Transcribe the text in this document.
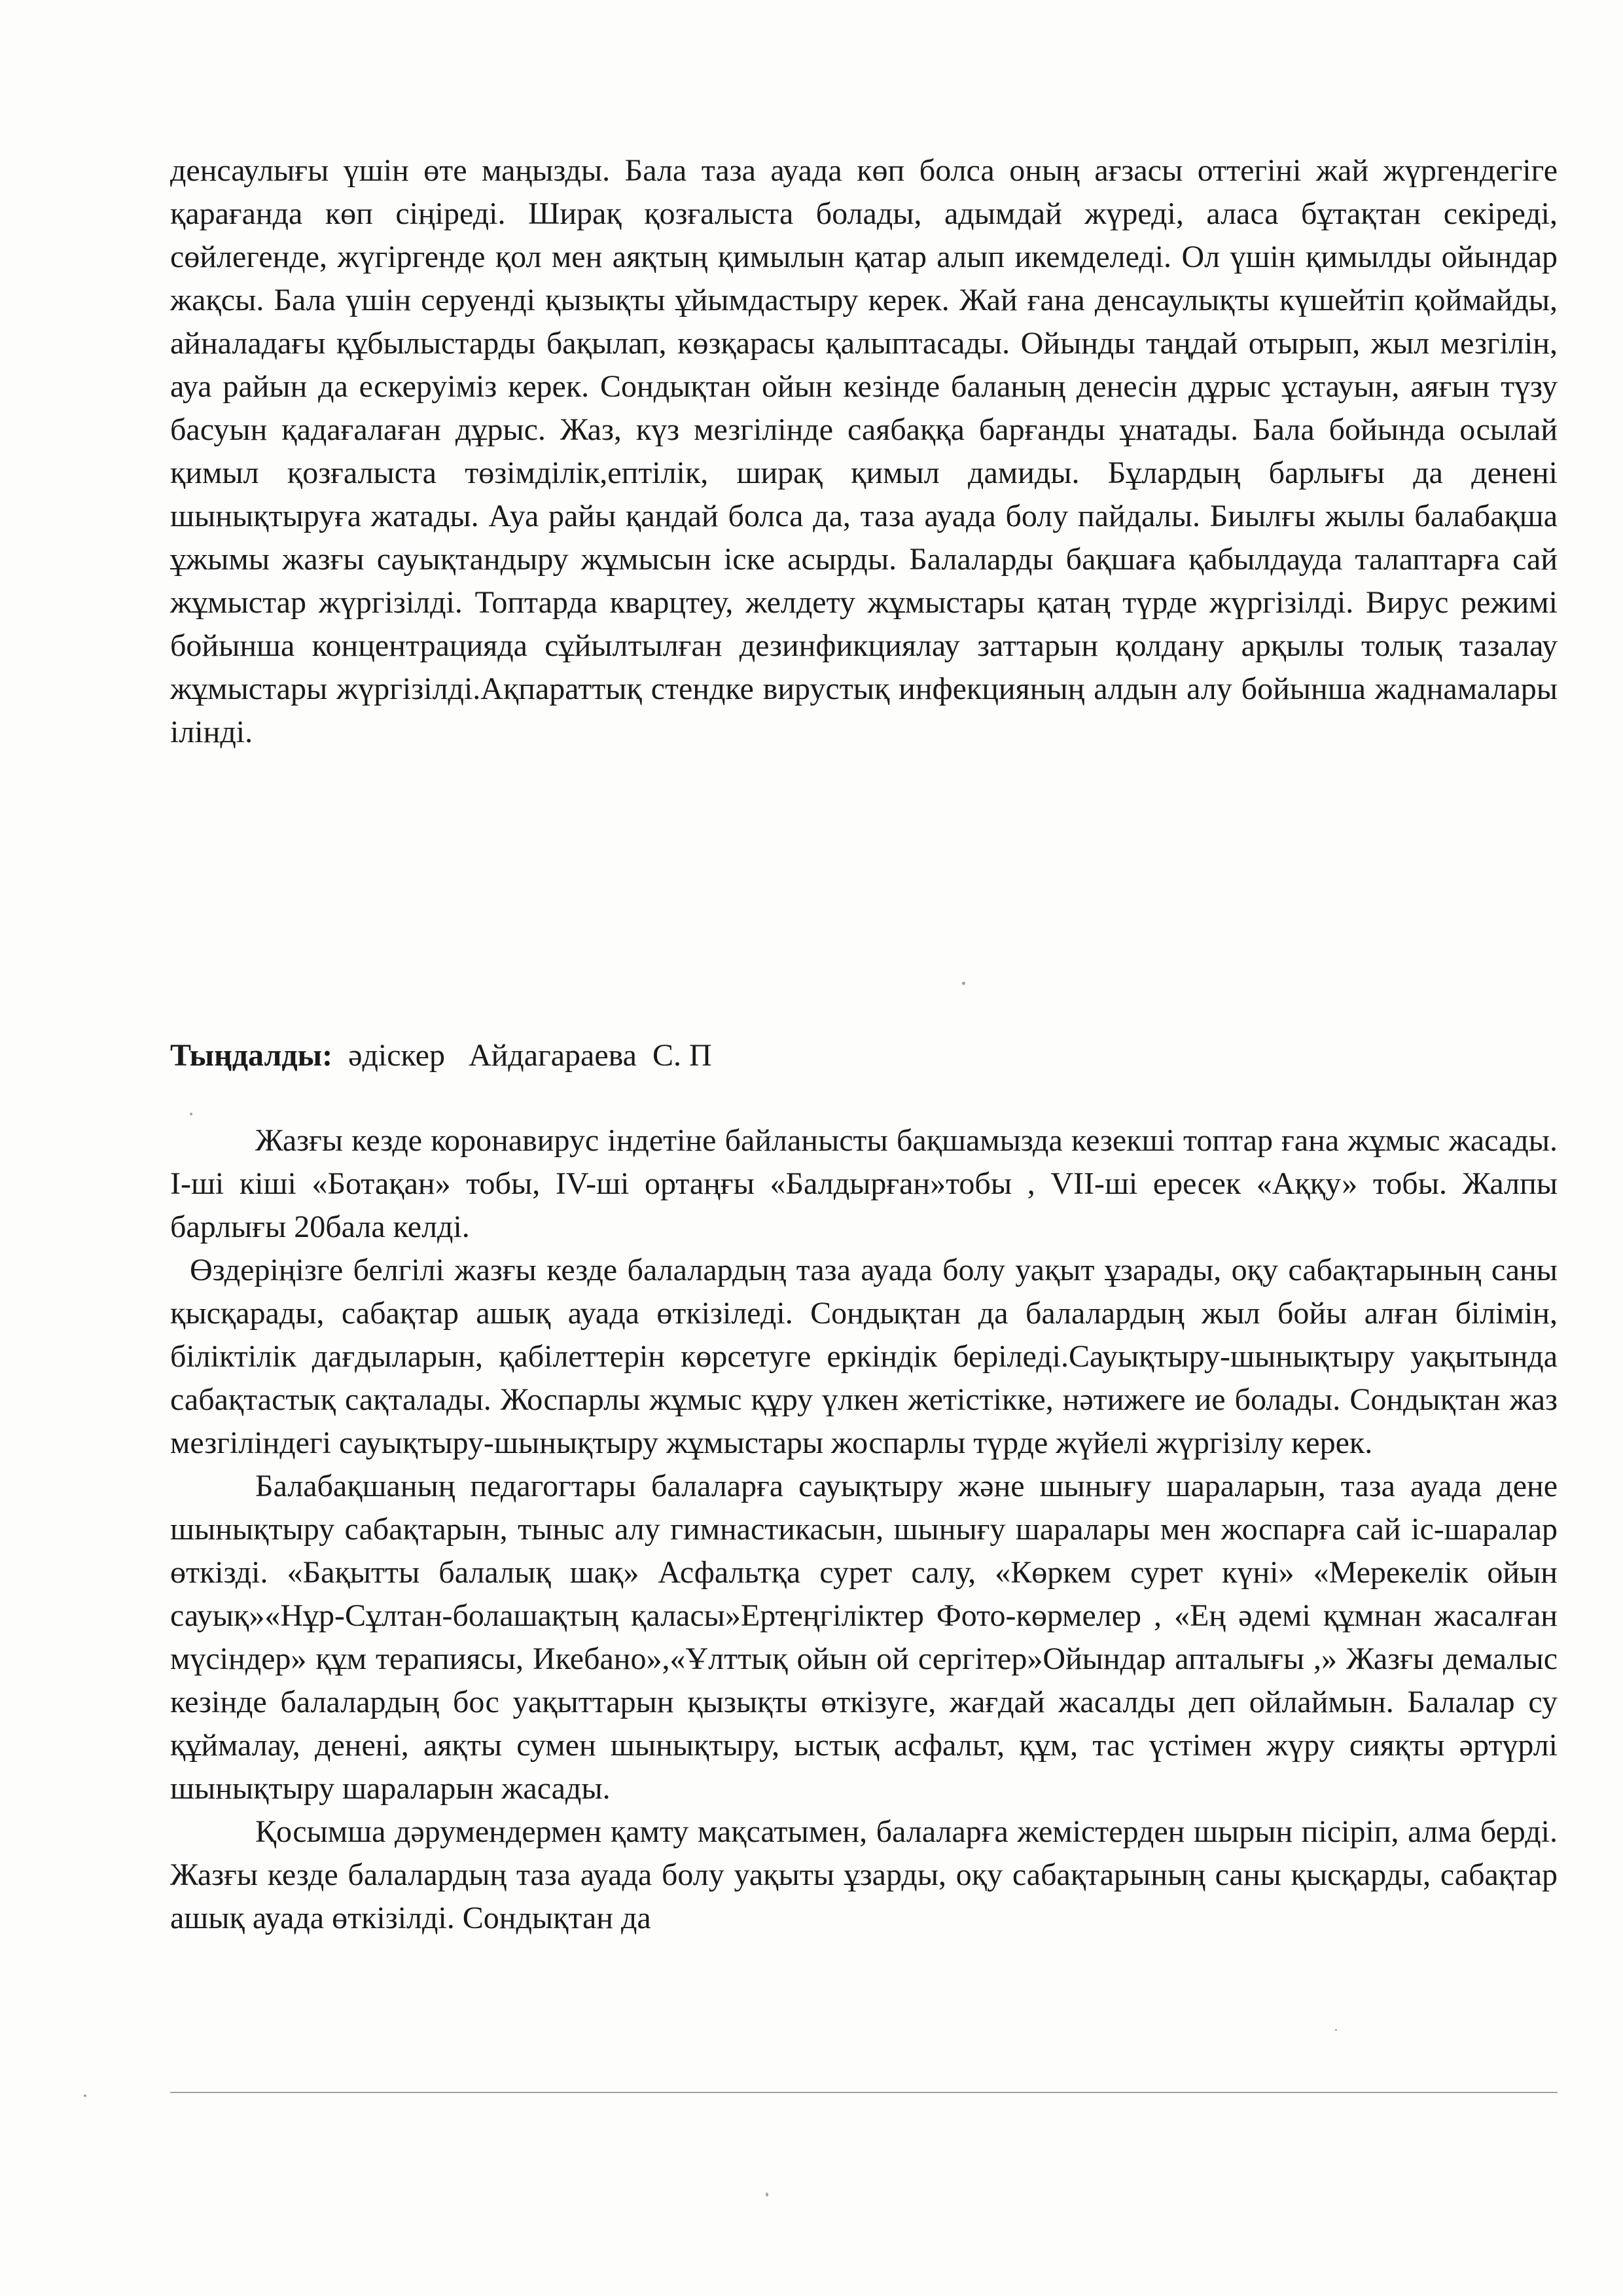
денсаулығы үшін өте маңызды. Бала таза ауада көп болса оның ағзасы оттегіні жай жүргендегіге қарағанда көп сіңіреді. Ширақ қозғалыста болады, адымдай жүреді, аласа бұтақтан секіреді, сөйлегенде, жүгіргенде қол мен аяқтың қимылын қатар алып икемделеді. Ол үшін қимылды ойындар жақсы. Бала үшін серуенді қызықты ұйымдастыру керек. Жай ғана денсаулықты күшейтіп қоймайды, айналадағы құбылыстарды бақылап, көзқарасы қалыптасады. Ойынды таңдай отырып, жыл мезгілін, ауа райын да ескеруіміз керек. Сондықтан ойын кезінде баланың денесін дұрыс ұстауын, аяғын түзу басуын қадағалаған дұрыс. Жаз, күз мезгілінде саябаққа барғанды ұнатады. Бала бойында осылай қимыл қозғалыста төзімділік,ептілік, ширақ қимыл дамиды. Бұлардың барлығы да денені шынықтыруға жатады. Ауа райы қандай болса да, таза ауада болу пайдалы. Биылғы жылы балабақша ұжымы жазғы сауықтандыру жұмысын іске асырды. Балаларды бақшаға қабылдауда талаптарға сай жұмыстар жүргізілді. Топтарда кварцтеу, желдету жұмыстары қатаң түрде жүргізілді. Вирус режимі бойынша концентрацияда сұйылтылған дезинфикциялау заттарын қолдану арқылы толық тазалау жұмыстары жүргізілді.Ақпараттық стендке вирустық инфекцияның алдын алу бойынша жаднамалары ілінді.

Тыңдалды:  әдіскер   Айдагараева  С. П

Жазғы кезде коронавирус індетіне байланысты бақшамызда кезекші топтар ғана жұмыс жасады. I-ші кіші «Ботақан» тобы, IV-ші ортаңғы «Балдырған»тобы , VII-ші ересек «Аққу» тобы. Жалпы барлығы 20бала келді.

Өздеріңізге белгілі жазғы кезде балалардың таза ауада болу уақыт ұзарады, оқу сабақтарының саны қысқарады, сабақтар ашық ауада өткізіледі. Сондықтан да балалардың жыл бойы алған білімін, біліктілік дағдыларын, қабілеттерін көрсетуге еркіндік беріледі.Сауықтыру-шынықтыру уақытында сабақтастық сақталады. Жоспарлы жұмыс құру үлкен жетістікке, нәтижеге ие болады. Сондықтан жаз мезгіліндегі сауықтыру-шынықтыру жұмыстары жоспарлы түрде жүйелі жүргізілу керек.

Балабақшаның педагогтары балаларға сауықтыру және шынығу шараларын, таза ауада дене шынықтыру сабақтарын, тыныс алу гимнастикасын, шынығу шаралары мен жоспарға сай іс-шаралар өткізді. «Бақытты балалық шақ» Асфальтқа сурет салу, «Көркем сурет күні» «Мерекелік ойын сауық»«Нұр-Сұлтан-болашақтың қаласы»Ертеңгіліктер Фото-көрмелер , «Ең әдемі құмнан жасалған мүсіндер» құм терапиясы, Икебано»,«Ұлттық ойын ой сергітер»Ойындар апталығы ,» Жазғы демалыс кезінде балалардың бос уақыттарын қызықты өткізуге, жағдай жасалды деп ойлаймын. Балалар су құймалау, денені, аяқты сумен шынықтыру, ыстық асфальт, құм, тас үстімен жүру сияқты әртүрлі шынықтыру шараларын жасады.

Қосымша дәрумендермен қамту мақсатымен, балаларға жемістерден шырын пісіріп, алма берді. Жазғы кезде балалардың таза ауада болу уақыты ұзарды, оқу сабақтарының саны қысқарды, сабақтар ашық ауада өткізілді. Сондықтан да
